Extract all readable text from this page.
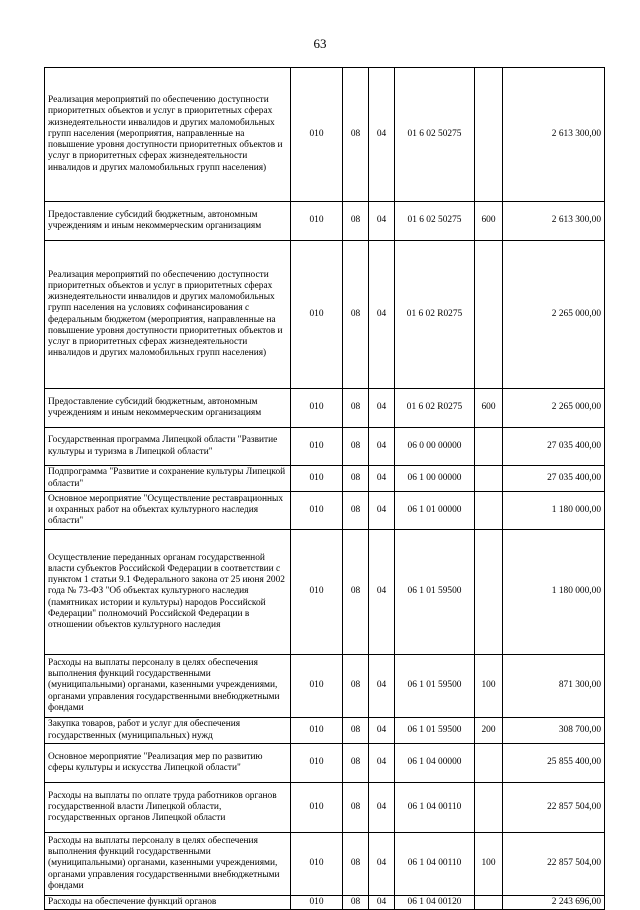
63
Реализация мероприятий по обеспечению доступности приоритетных объектов и услуг в приоритетных сферах жизнедеятельности инвалидов и других маломобильных групп населения (мероприятия, направленные на повышение уровня доступности приоритетных объектов и услуг в приоритетных сферах жизнедеятельности инвалидов и других маломобильных групп населения)	010	08	04	01 6 02 50275		2 613 300,00
Предоставление субсидий бюджетным, автономным учреждениям и иным некоммерческим организациям	010	08	04	01 6 02 50275	600	2 613 300,00
Реализация мероприятий по обеспечению доступности приоритетных объектов и услуг в приоритетных сферах жизнедеятельности инвалидов и других маломобильных групп населения на условиях софинансирования с федеральным бюджетом (мероприятия, направленные на повышение уровня доступности приоритетных объектов и услуг в приоритетных сферах жизнедеятельности инвалидов и других маломобильных групп населения)	010	08	04	01 6 02 R0275		2 265 000,00
Предоставление субсидий бюджетным, автономным учреждениям и иным некоммерческим организациям	010	08	04	01 6 02 R0275	600	2 265 000,00
Государственная программа Липецкой области "Развитие культуры и туризма в Липецкой области"	010	08	04	06 0 00 00000		27 035 400,00
Подпрограмма "Развитие и сохранение культуры Липецкой области"	010	08	04	06 1 00 00000		27 035 400,00
Основное мероприятие "Осуществление реставрационных и охранных работ на объектах культурного наследия области"	010	08	04	06 1 01 00000		1 180 000,00
Осуществление переданных органам государственной власти субъектов Российской Федерации в соответствии с пунктом 1 статьи 9.1 Федерального закона от 25 июня 2002 года № 73-ФЗ "Об объектах культурного наследия (памятниках истории и культуры) народов Российской Федерации" полномочий Российской Федерации в отношении объектов культурного наследия	010	08	04	06 1 01 59500		1 180 000,00
Расходы на выплаты персоналу в целях обеспечения выполнения функций государственными (муниципальными) органами, казенными учреждениями, органами управления государственными внебюджетными фондами	010	08	04	06 1 01 59500	100	871 300,00
Закупка товаров, работ и услуг для обеспечения государственных (муниципальных) нужд	010	08	04	06 1 01 59500	200	308 700,00
Основное мероприятие "Реализация мер по развитию сферы культуры и искусства Липецкой области"	010	08	04	06 1 04 00000		25 855 400,00
Расходы на выплаты по оплате труда работников органов государственной власти Липецкой области, государственных органов Липецкой области	010	08	04	06 1 04 00110		22 857 504,00
Расходы на выплаты персоналу в целях обеспечения выполнения функций государственными (муниципальными) органами, казенными учреждениями, органами управления государственными внебюджетными фондами	010	08	04	06 1 04 00110	100	22 857 504,00
Расходы на обеспечение функций органов	010	08	04	06 1 04 00120		2 243 696,00
